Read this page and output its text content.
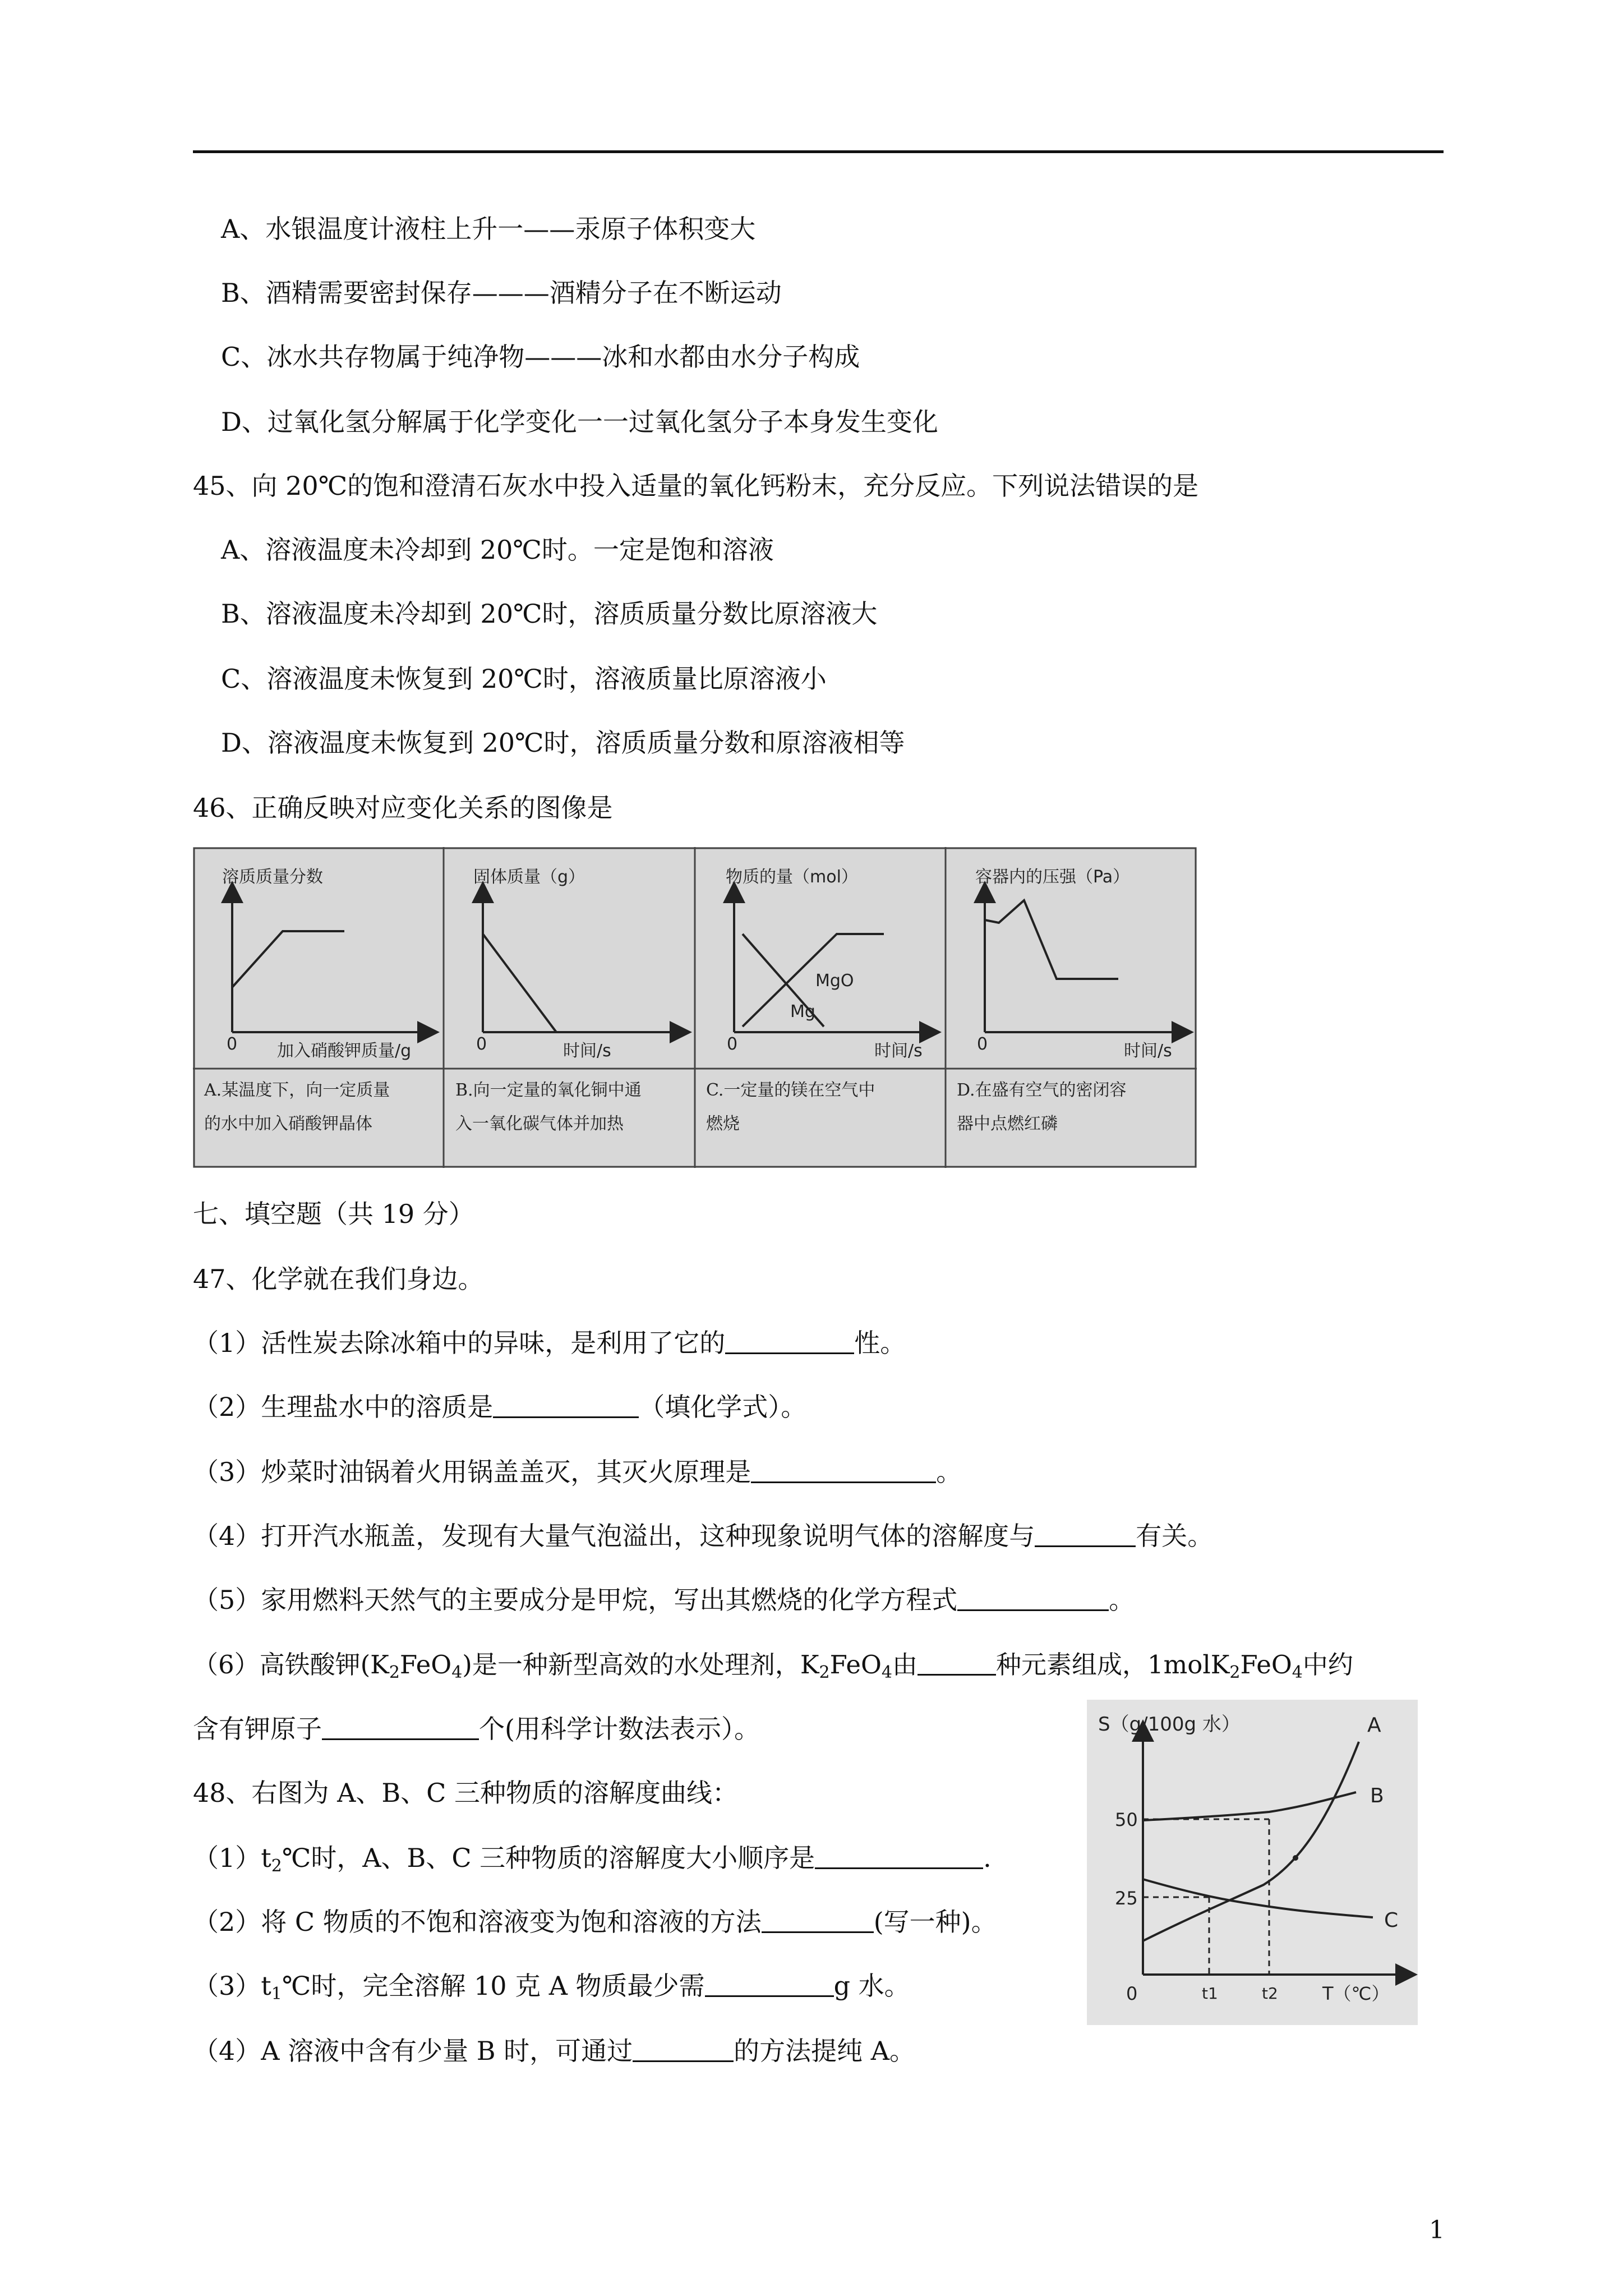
A、水银温度计液柱上升一——汞原子体积变大
B、酒精需要密封保存———酒精分子在不断运动
C、冰水共存物属于纯净物———冰和水都由水分子构成
D、过氧化氢分解属于化学变化一一过氧化氢分子本身发生变化
45、向 20℃的饱和澄清石灰水中投入适量的氧化钙粉末，充分反应。下列说法错误的是
A、溶液温度未冷却到 20℃时。一定是饱和溶液
B、溶液温度未冷却到 20℃时，溶质质量分数比原溶液大
C、溶液温度未恢复到 20℃时，溶液质量比原溶液小
D、溶液温度未恢复到 20℃时，溶质质量分数和原溶液相等
46、正确反映对应变化关系的图像是
溶质质量分数
0 加入硝酸钾质量/g
A.某温度下，向一定质量
的水中加入硝酸钾晶体
固体质量（g）
0	时间/s
B.向一定量的氧化铜中通
入一氧化碳气体并加热
物质的量（mol）
0	时间/s
MgO
Mg
C.一定量的镁在空气中
燃烧
容器内的压强（Pa）
0	时间/s
D.在盛有空气的密闭容
器中点燃红磷
七、填空题（共 19 分）
47、化学就在我们身边。
（1）活性炭去除冰箱中的异味，是利用了它的	性。
（2）生理盐水中的溶质是	（填化学式）。
（3）炒菜时油锅着火用锅盖盖灭，其灭火原理是	。
（4）打开汽水瓶盖，发现有大量气泡溢出，这种现象说明气体的溶解度与	有关。
（5）家用燃料天然气的主要成分是甲烷，写出其燃烧的化学方程式	。
（6）高铁酸钾$(K_2FeO_4)$是一种新型高效的水处理剂，$K_2FeO_4$由	种元素组成，1molK$_2$FeO$_4$中约
含有钾原子	个(用科学计数法表示）。
48、右图为 A、B、C 三种物质的溶解度曲线：
$(1)t_2℃$时，A、B、C 三种物质的溶解度大小顺序是	.
（2）将 C 物质的不饱和溶液变为饱和溶液的方法	(写一种)。
$(3)t_1℃$时，完全溶解 10 克 A 物质最少需	g 水。
（4）A 溶液中含有少量 B 时，可通过	的方法提纯 A。
S（g/100g 水）	A
B
C
50
25
0	t1	t2 T（℃）
1
